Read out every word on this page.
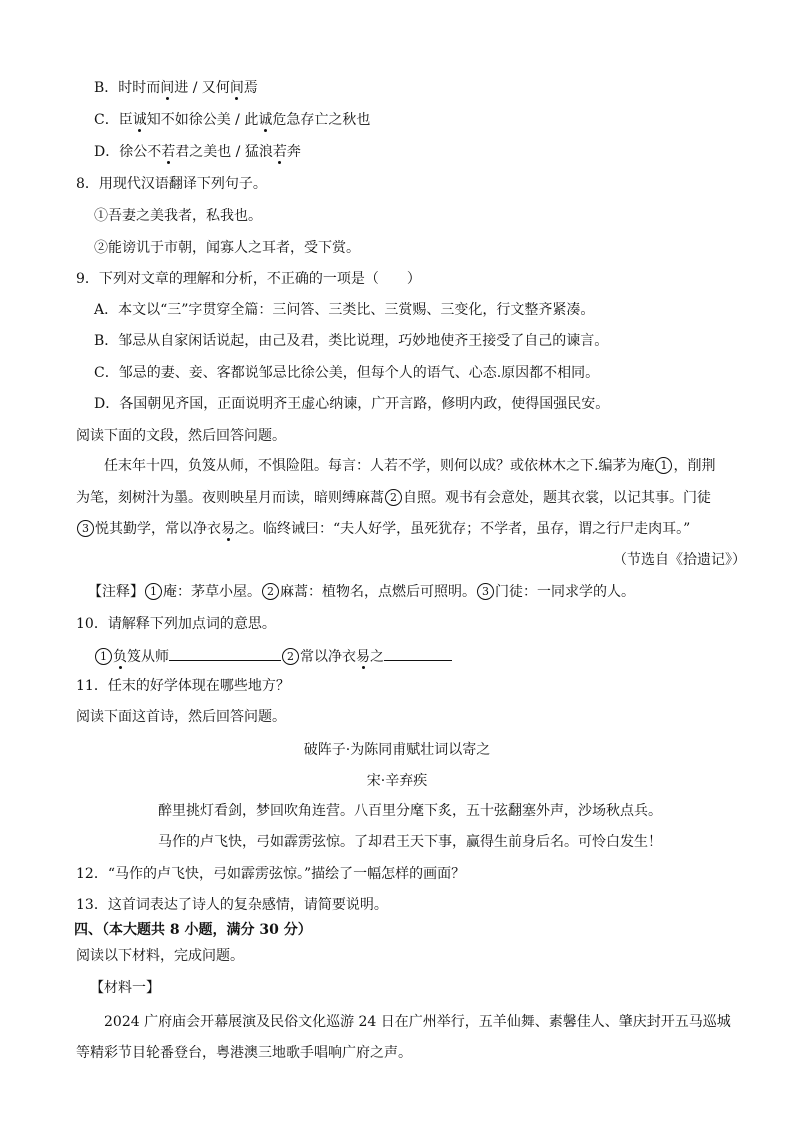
B．时时而间进 / 又何间焉
C．臣诚知不如徐公美 / 此诚危急存亡之秋也
D．徐公不若君之美也 / 猛浪若奔
8．用现代汉语翻译下列句子。
①吾妻之美我者，私我也。
②能谤讥于市朝，闻寡人之耳者，受下赏。
9．下列对文章的理解和分析，不正确的一项是（　　）
A．本文以“三”字贯穿全篇：三问答、三类比、三赏赐、三变化，行文整齐紧凑。
B．邹忌从自家闲话说起，由己及君，类比说理，巧妙地使齐王接受了自己的谏言。
C．邹忌的妻、妾、客都说邹忌比徐公美，但每个人的语气、心态.原因都不相同。
D．各国朝见齐国，正面说明齐王虚心纳谏，广开言路，修明内政，使得国强民安。
阅读下面的文段，然后回答问题。
任末年十四，负笈从师，不惧险阻。每言：人若不学，则何以成？或依林木之下.编茅为庵 1 ，削荆
为笔，刻树汁为墨。夜则映星月而读，暗则缚麻蒿 2 自照。观书有会意处，题其衣裳，以记其事。门徒
3 悦其勤学，常以净衣易之。临终诫曰：“夫人好学，虽死犹存；不学者，虽存，谓之行尸走肉耳。”
（节选自《拾遗记》）
【注释】 1 庵：茅草小屋。 2 麻蒿：植物名，点燃后可照明。 3 门徒：一同求学的人。
10．请解释下列加点词的意思。
1 负笈从师	2 常以净衣易之
11．任末的好学体现在哪些地方？
阅读下面这首诗，然后回答问题。
破阵子·为陈同甫赋壮词以寄之
宋·辛弃疾
醉里挑灯看剑，梦回吹角连营。八百里分麾下炙，五十弦翻塞外声，沙场秋点兵。
马作的卢飞快，弓如霹雳弦惊。了却君王天下事，赢得生前身后名。可怜白发生！
12．“马作的卢飞快，弓如霹雳弦惊。”描绘了一幅怎样的画面？
13．这首词表达了诗人的复杂感情，请简要说明。
四、（本大题共 8 小题，满分 30 分）
阅读以下材料，完成问题。
【材料一】
2024 广府庙会开幕展演及民俗文化巡游 24 日在广州举行，五羊仙舞、素馨佳人、肇庆封开五马巡城
等精彩节目轮番登台，粤港澳三地歌手唱响广府之声。
